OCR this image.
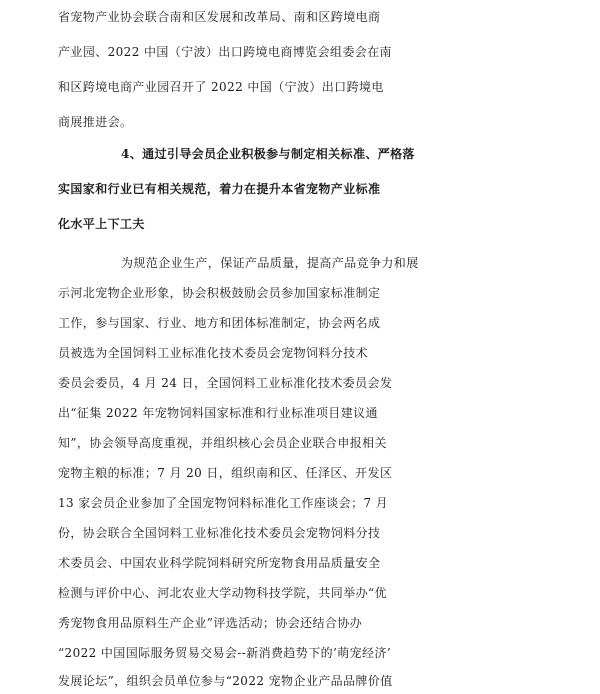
省宠物产业协会联合南和区发展和改革局、南和区跨境电商
产业园、2022 中国（宁波）出口跨境电商博览会组委会在南
和区跨境电商产业园召开了 2022 中国（宁波）出口跨境电
商展推进会。
4、通过引导会员企业积极参与制定相关标准、严格落
实国家和行业已有相关规范，着力在提升本省宠物产业标准
化水平上下工夫
为规范企业生产，保证产品质量，提高产品竞争力和展
示河北宠物企业形象，协会积极鼓励会员参加国家标准制定
工作，参与国家、行业、地方和团体标准制定，协会两名成
员被选为全国饲料工业标准化技术委员会宠物饲料分技术
委员会委员，4 月 24 日，全国饲料工业标准化技术委员会发
出“征集 2022 年宠物饲料国家标准和行业标准项目建议通
知”，协会领导高度重视，并组织核心会员企业联合申报相关
宠物主粮的标准；7 月 20 日，组织南和区、任泽区、开发区
13 家会员企业参加了全国宠物饲料标准化工作座谈会；7 月
份，协会联合全国饲料工业标准化技术委员会宠物饲料分技
术委员会、中国农业科学院饲料研究所宠物食用品质量安全
检测与评价中心、河北农业大学动物科技学院，共同举办“优
秀宠物食用品原料生产企业”评选活动；协会还结合协办
“2022 中国国际服务贸易交易会--新消费趋势下的’萌宠经济’
发展论坛”，组织会员单位参与“2022 宠物企业产品品牌价值
